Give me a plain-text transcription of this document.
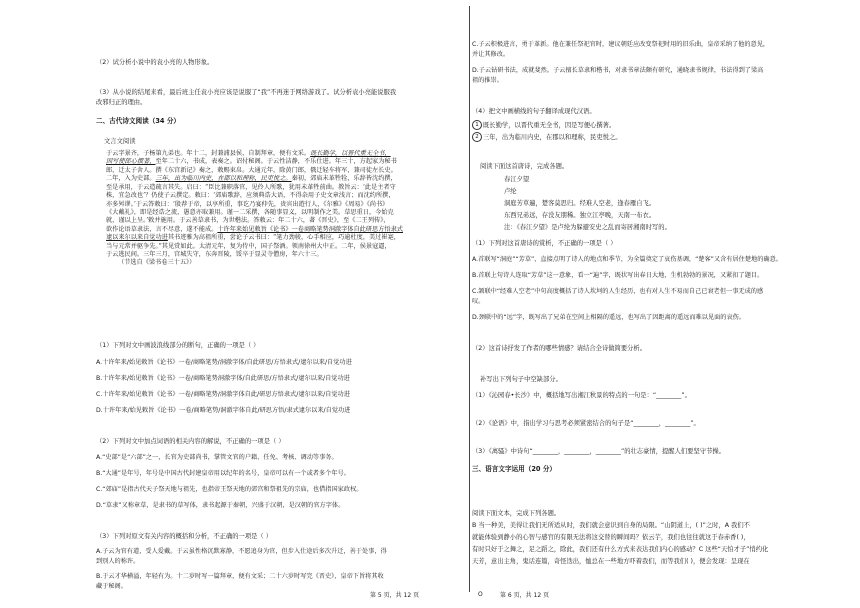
（2）试分析小说中的袁小亮的人物形象。

（3）从小说的结尾来看，最后班主任袁小亮应该是说服了“我”不再迷于网络游戏了。试分析袁小亮能说服我

改邪归正的理由。

二、古代诗文阅读（34 分）

文言文阅读

于云字景齐，子杨第九弟也。年十二，封兼浦县侯，自制拜章，便有文采。既长勤学，以晋代重无全书，

因写使郎心撰著，至年二十六，书成，表奏之。诏付秘阁。于云性洁静，不乐仕进。年三十，方起家为秘书

郎，迁太子舍人。撰《东宫新记》奏之，敕赐束帛。大通元年，除黄门郎，俄迁轻车将军，兼司徒左长史。

二年，入为史部。三年，出为临川内史，在郡以和理称，民吏悦之。秦初，郊庙未革牲牷，乐辞皆沈约撰，

至是承用，于云造疏言其失。启曰：“臣比兼职落官，见伶人所歌，犹用未革牲前曲。教旨云：‘此是主者守

株，宜急改也’？仍使子云撰定。敕曰：‘郊庙歌辞，应须典诰大语，不得杂用子史文章浅言；而沈约所撰，

亦多舛谬。’于云答敕曰：‘殷荐于帝，以享所重，事讫乃宴仲先，贵宾出遊行人，《尔雅》《周易》《尚书》

《大戴礼》，即是经诰之流，愚意亦取兼用。谨一二采撰，各随事显义，以明制作之美。草思重日，今始克

就，谨以上呈。’敕并施用。于云善草隶书，为世楷法。答敕云：年二十六，著《晋史》，至《二王列传》，

欲作论语草隶法，言不尽意，遂不能成。十许年来始见敕旨《论书》一卷商略笔势洞澈字体自此研思方悟隶式

逮以来尔以来自觉功进其书迹雅为高祖所重，尝论子云书曰：“笔力劲骏，心手相应，巧逾杜度，美过崔寔，

当与元常并驱争先。”其见赏如此。太清元年，复为侍中，国子祭酒。领南徐州大中正。二年，侯景寇逼，

于云逃民间。三年三月，宫城失守，东奔晋陵，馁卒于显灵寺僧房，年六十三。

（节选自《梁书卷三十五》）

（1）下列对文中画波浪线部分的断句，正确的一项是（ ）

A.十许年来/始见敕旨《论书》一卷/商略笔势/洞澈字体/自此研思/方悟隶式/逮尔以来/自觉功进

B.十许年来/始见敕旨《论书》一卷/商略笔势洞澈字体/自此研思/方悟隶式/逮尔以来/自觉功进

C.十许年来/始见敕旨《论书》一卷/商略笔势/洞澈字体自此/研思方悟隶式/逮尔以来/自觉功进

D.十许年来/始见敕旨《论书》一卷/商略笔势/洞澈字体自此/研思方悟/隶式逮尔以来/自觉功进

（2）下列对文中加点词语的相关内容的解说，不正确的一项是（ ）

A.“史部”是“六部”之一，长官为史部尚书，掌管文官的户籍、任免、考核、调动等事务。

B.“大通”是年号，年号是中国古代封建皇帝用以纪年的名号，皇帝可以有一个或者多个年号。

C.“郊庙”是指古代天子祭天地与祖先，也指帝王祭天地的郊宫和祭祖先的宗庙，也借指国家政权。

D.“草隶”又称章草，是隶书的草写体，隶书起源于秦朝，兴盛于汉朝，是汉朝的官方字体。

（3）下列对原文有关内容的概括和分析，不正确的一项是（ ）

A.子云为官有道，受人爱戴。于云虽性格沉默寡静，不愿追身为官，但步入仕途后多次升迁，善于处事，得

到别人的称许。

B.于云才华横溢，年轻有为。十二岁时写一篇拜章，便有文采；二十六岁时写完《晋史》，皇帝下旨将其收

藏于秘阁。

第 5 页，共 12 页

C.子云积极进言，勇于革新。他在兼任祭祀官时，建议朝廷应改变祭祀时用的旧乐曲，皇帝采纳了他的意见，

并让其修改。

D.子云钻研书法，成就斐然。子云擅长草隶和楷书，对隶书章法颇有研究，通晓隶书规律，书法得到了梁高

祖的推崇。

（4）把文中画横线的句子翻译成现代汉语。

1 既长勤学，以晋代重无全书，因是写便心撰著。

2 三年，出为临川内史，在郡以和理称，民吏悦之。

阅读下面这首唐诗，完成各题。

春江夕望

卢纶

洞庭芳草遍，楚客莫思归。经难人空老，逢春雁自飞。

东西兄弟远，存没友朋稀。独立江亭晚，天南一布衣。

注：《春江夕望》是卢纶为躲避安史之乱而寄居湘南时写的。

（1）下列对这首唐诗的赏析，不正确的一项是（ ）

A.首联写“洞庭”“芳草”，直接点明了诗人的地点和季节，为全篇奠定了哀伤基调，“楚客”又含有居住楚地的确意。

B.首联上句诗人连取“芳草”这一意象，看一“遍”字，既状写出春日大地，生机勃勃的景况，又紧扣了题目。

C.颔联中“经难人空老”中句高度概括了诗人坎坷的人生经历，也有对人生不易而自己已衰老但一事无成的感

叹。

D.颈联中的“远”字，既写出了兄弟在空间上相隔的遥远，也写出了因距离的遥远而难以见面的哀伤。

（2）这首诗抒发了作者的哪些情感？请结合全诗做简要分析。

补写出下列句子中空缺部分。

（1）《沁园春•长沙》中，概括地写出湘江秋景的特点的一句是：“________”。

（2）《论语》中，指出学习与思考必须紧密结合的句子是“________，________”。

（3）《离骚》中诗句“________，________，________”的壮志豪情，提醒人们要坚守节操。

三、语言文字运用（20 分）

阅读下面文本，完成下列各题。

B 当一种美，美得让我们无所适从时，我们就会意识到自身的局限。“山阴道上，( )”之时，A 我们不

就能体验到静小的心智与感官的有限无法将这交替的瞬间吗？依云芋，我们也往往就这于春赤香( )，

有时只好于之舞之，足之蹈之，除此，我们还有什么方式来表达我们内心的感动？C 这些“天怕才子”悄约化

天芳，意出主角，鬼话连篇，奇怪迭出，恤总在一些地方吓着我们，而等我们( )，便会发现：呈现在

O	第 6 页，共 12 页
